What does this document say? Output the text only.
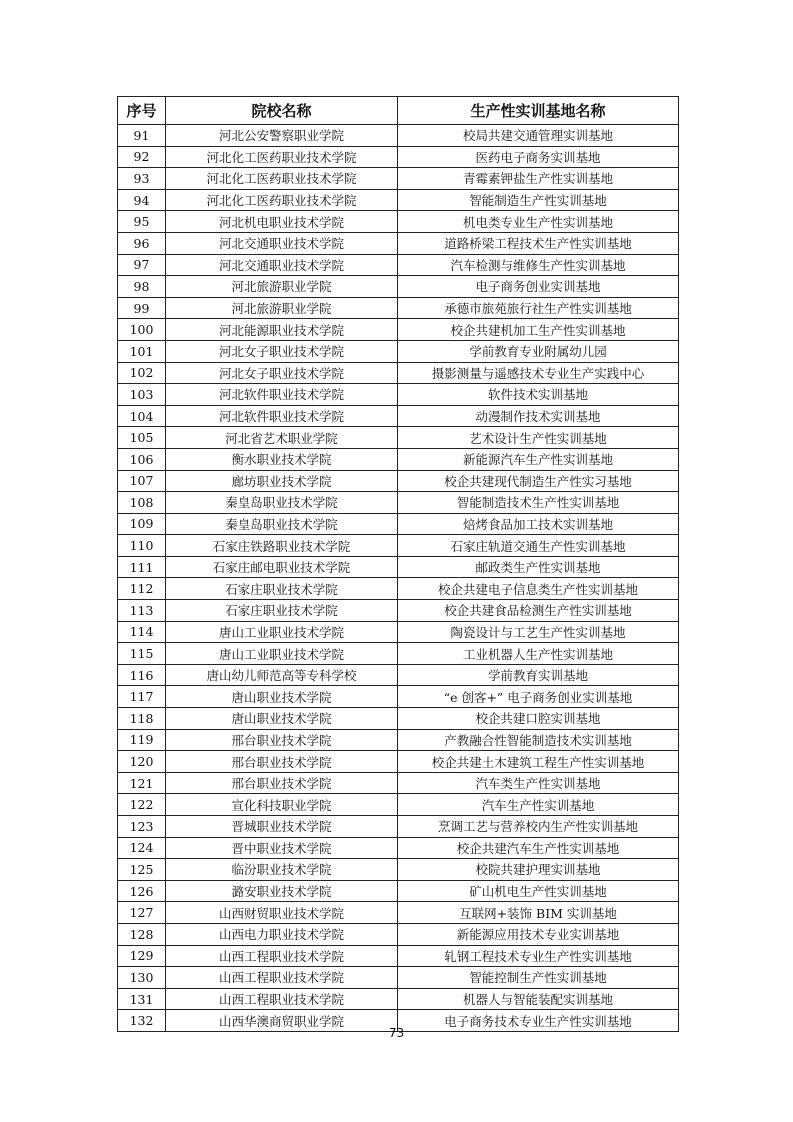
序号	院校名称	生产性实训基地名称
91	河北公安警察职业学院	校局共建交通管理实训基地
92	河北化工医药职业技术学院	医药电子商务实训基地
93	河北化工医药职业技术学院	青霉素钾盐生产性实训基地
94	河北化工医药职业技术学院	智能制造生产性实训基地
95	河北机电职业技术学院	机电类专业生产性实训基地
96	河北交通职业技术学院	道路桥梁工程技术生产性实训基地
97	河北交通职业技术学院	汽车检测与维修生产性实训基地
98	河北旅游职业学院	电子商务创业实训基地
99	河北旅游职业学院	承德市旅苑旅行社生产性实训基地
100	河北能源职业技术学院	校企共建机加工生产性实训基地
101	河北女子职业技术学院	学前教育专业附属幼儿园
102	河北女子职业技术学院	摄影测量与遥感技术专业生产实践中心
103	河北软件职业技术学院	软件技术实训基地
104	河北软件职业技术学院	动漫制作技术实训基地
105	河北省艺术职业学院	艺术设计生产性实训基地
106	衡水职业技术学院	新能源汽车生产性实训基地
107	廊坊职业技术学院	校企共建现代制造生产性实习基地
108	秦皇岛职业技术学院	智能制造技术生产性实训基地
109	秦皇岛职业技术学院	焙烤食品加工技术实训基地
110	石家庄铁路职业技术学院	石家庄轨道交通生产性实训基地
111	石家庄邮电职业技术学院	邮政类生产性实训基地
112	石家庄职业技术学院	校企共建电子信息类生产性实训基地
113	石家庄职业技术学院	校企共建食品检测生产性实训基地
114	唐山工业职业技术学院	陶瓷设计与工艺生产性实训基地
115	唐山工业职业技术学院	工业机器人生产性实训基地
116	唐山幼儿师范高等专科学校	学前教育实训基地
117	唐山职业技术学院	“e 创客+” 电子商务创业实训基地
118	唐山职业技术学院	校企共建口腔实训基地
119	邢台职业技术学院	产教融合性智能制造技术实训基地
120	邢台职业技术学院	校企共建土木建筑工程生产性实训基地
121	邢台职业技术学院	汽车类生产性实训基地
122	宣化科技职业学院	汽车生产性实训基地
123	晋城职业技术学院	烹调工艺与营养校内生产性实训基地
124	晋中职业技术学院	校企共建汽车生产性实训基地
125	临汾职业技术学院	校院共建护理实训基地
126	潞安职业技术学院	矿山机电生产性实训基地
127	山西财贸职业技术学院	互联网+装饰 BIM 实训基地
128	山西电力职业技术学院	新能源应用技术专业实训基地
129	山西工程职业技术学院	轧钢工程技术专业生产性实训基地
130	山西工程职业技术学院	智能控制生产性实训基地
131	山西工程职业技术学院	机器人与智能装配实训基地
132	山西华澳商贸职业学院	电子商务技术专业生产性实训基地
73
